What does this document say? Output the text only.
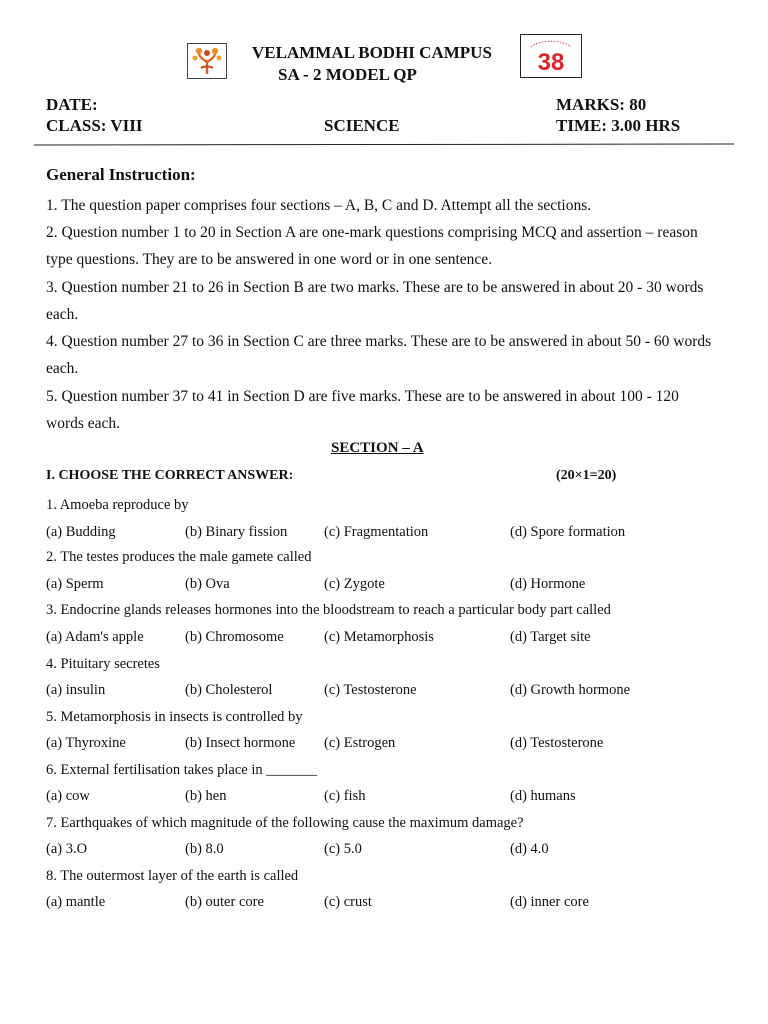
VELAMMAL BODHI CAMPUS
SA - 2 MODEL QP	38
DATE:	MARKS: 80
CLASS: VIII	SCIENCE	TIME: 3.00 HRS
General Instruction:
1. The question paper comprises four sections – A, B, C and D. Attempt all the sections.
2. Question number 1 to 20 in Section A are one-mark questions comprising MCQ and assertion – reason type questions. They are to be answered in one word or in one sentence.
3. Question number 21 to 26 in Section B are two marks. These are to be answered in about 20 - 30 words each.
4. Question number 27 to 36 in Section C are three marks. These are to be answered in about 50 - 60 words each.
5. Question number 37 to 41 in Section D are five marks. These are to be answered in about 100 - 120 words each.
SECTION – A
I. CHOOSE THE CORRECT ANSWER:	(20×1=20)
1. Amoeba reproduce by
(a) Budding	(b) Binary fission	(c) Fragmentation	(d) Spore formation
2. The testes produces the male gamete called
(a) Sperm	(b) Ova	(c) Zygote	(d) Hormone
3. Endocrine glands releases hormones into the bloodstream to reach a particular body part called
(a) Adam's apple	(b) Chromosome	(c) Metamorphosis	(d) Target site
4. Pituitary secretes
(a) insulin	(b) Cholesterol	(c) Testosterone	(d) Growth hormone
5. Metamorphosis in insects is controlled by
(a) Thyroxine	(b) Insect hormone (c) Estrogen	(d) Testosterone
6. External fertilisation takes place in _______
(a) cow	(b) hen	(c) fish	(d) humans
7. Earthquakes of which magnitude of the following cause the maximum damage?
(a) 3.O	(b) 8.0	(c) 5.0	(d) 4.0
8. The outermost layer of the earth is called
(a) mantle	(b) outer core	(c) crust	(d) inner core
